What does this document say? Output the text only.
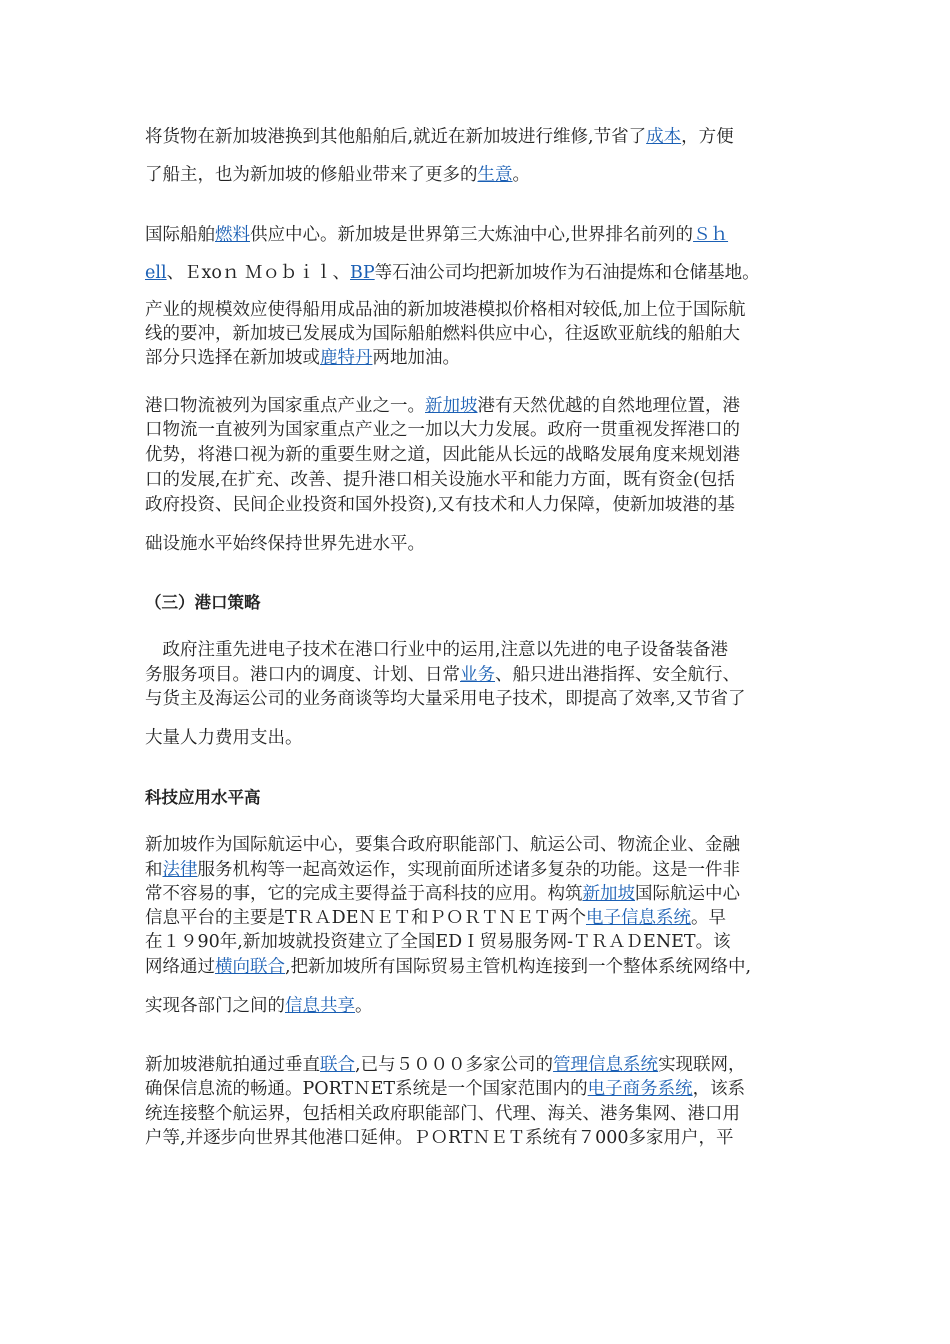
将货物在新加坡港换到其他船舶后,就近在新加坡进行维修,节省了成本，方便
了船主，也为新加坡的修船业带来了更多的生意。
国际船舶燃料供应中心。新加坡是世界第三大炼油中心,世界排名前列的Ｓｈ
ell、Ｅxoｎ Ｍｏｂｉｌ、BP等石油公司均把新加坡作为石油提炼和仓储基地。
产业的规模效应使得船用成品油的新加坡港模拟价格相对较低,加上位于国际航
线的要冲，新加坡已发展成为国际船舶燃料供应中心，往返欧亚航线的船舶大
部分只选择在新加坡或鹿特丹两地加油。
港口物流被列为国家重点产业之一。新加坡港有天然优越的自然地理位置，港
口物流一直被列为国家重点产业之一加以大力发展。政府一贯重视发挥港口的
优势，将港口视为新的重要生财之道，因此能从长远的战略发展角度来规划港
口的发展,在扩充、改善、提升港口相关设施水平和能力方面，既有资金(包括
政府投资、民间企业投资和国外投资),又有技术和人力保障，使新加坡港的基
础设施水平始终保持世界先进水平。
（三）港口策略
　政府注重先进电子技术在港口行业中的运用,注意以先进的电子设备装备港
务服务项目。港口内的调度、计划、日常业务、船只进出港指挥、安全航行、
与货主及海运公司的业务商谈等均大量采用电子技术，即提高了效率,又节省了
大量人力费用支出。
科技应用水平高
新加坡作为国际航运中心，要集合政府职能部门、航运公司、物流企业、金融
和法律服务机构等一起高效运作，实现前面所述诸多复杂的功能。这是一件非
常不容易的事，它的完成主要得益于高科技的应用。构筑新加坡国际航运中心
信息平台的主要是TＲＡDEＮＥＴ和ＰＯＲＴＮＥＴ两个电子信息系统。早
在１９90年,新加坡就投资建立了全国EDＩ贸易服务网-ＴＲＡＤENET。该
网络通过横向联合,把新加坡所有国际贸易主管机构连接到一个整体系统网络中,
实现各部门之间的信息共享。
新加坡港航拍通过垂直联合,已与５０００多家公司的管理信息系统实现联网，
确保信息流的畅通。PORTＮET系统是一个国家范围内的电子商务系统，该系
统连接整个航运界，包括相关政府职能部门、代理、海关、港务集网、港口用
户等,并逐步向世界其他港口延伸。ＰＯRTＮＥＴ系统有７000多家用户，平
